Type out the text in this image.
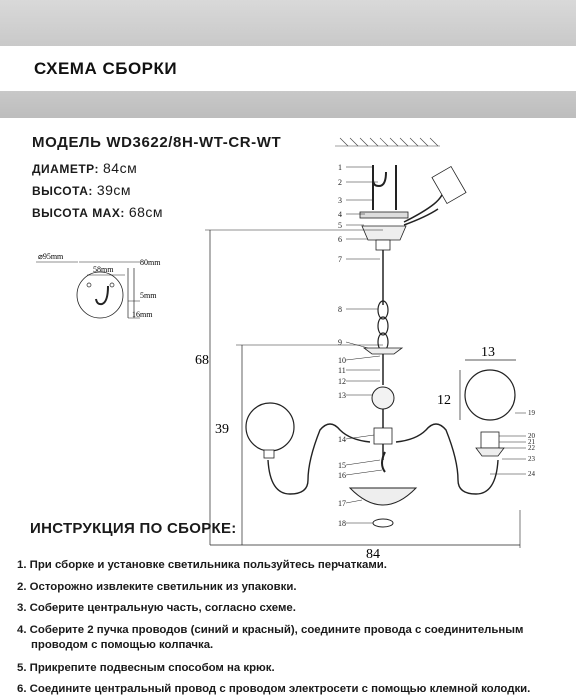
СХЕМА СБОРКИ
МОДЕЛЬ WD3622/8H-WT-CR-WT
ДИАМЕТР: 84см
ВЫСОТА: 39см
ВЫСОТА MAX: 68см
⌀95mm
80mm
58mm
5mm
16mm
68
39
84
13
12
1
2
3
4
5
6
7
8
9
10
11
12
13
14
15
16
17
18
19
20
21
22
23
24
ИНСТРУКЦИЯ ПО СБОРКЕ:
1. При сборке и установке светильника пользуйтесь перчатками.
2. Осторожно извлеките светильник из упаковки.
3. Соберите центральную часть, согласно схеме.
4. Соберите 2 пучка проводов (синий и красный), соедините провода с соединительным
проводом с помощью колпачка.
5. Прикрепите подвесным способом на крюк.
6. Соедините центральный провод с проводом электросети с помощью клемной колодки.
